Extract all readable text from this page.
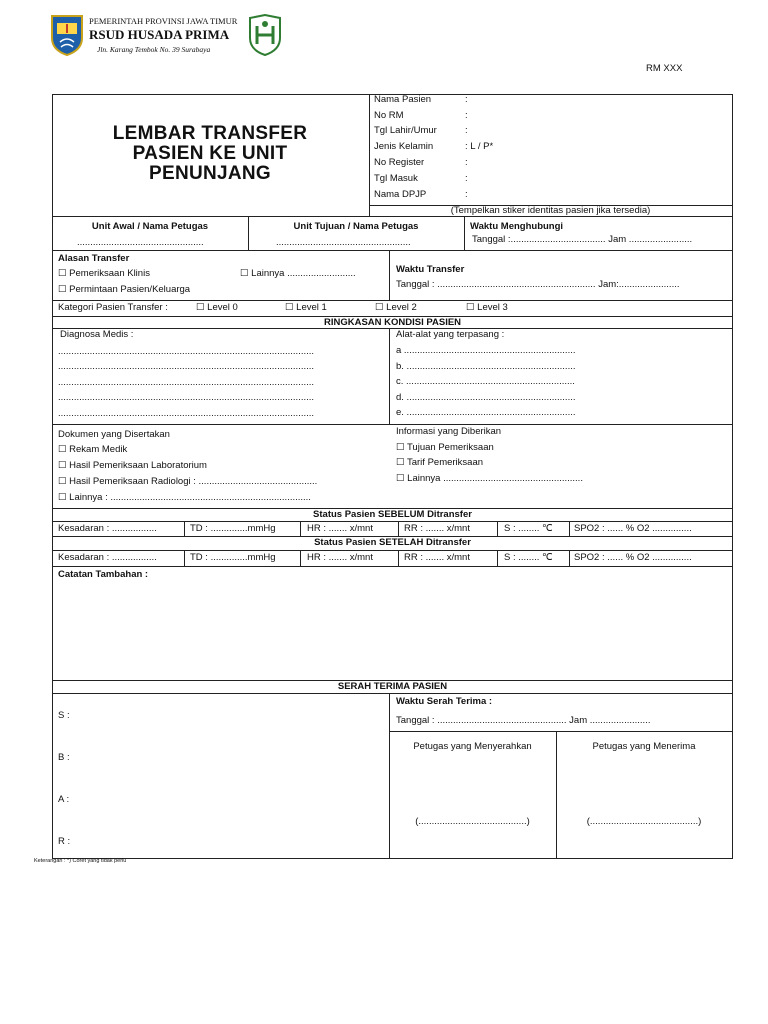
PEMERINTAH PROVINSI JAWA TIMUR
RSUD HUSADA PRIMA
Jln. Karang Tembok No. 39 Surabaya
RM XXX
LEMBAR TRANSFER
PASIEN KE UNIT
PENUNJANG
Nama Pasien	:
No RM	:
Tgl Lahir/Umur	:
Jenis Kelamin	: L / P*
No Register	:
Tgl Masuk	:
Nama DPJP	:
(Tempelkan stiker identitas pasien jika tersedia)
Unit Awal / Nama Petugas
................................................
Unit Tujuan / Nama Petugas
...................................................
Waktu Menghubungi
Tanggal :.................................... Jam ........................
Alasan Transfer
☐ Pemeriksaan Klinis	☐ Lainnya ..........................
☐ Permintaan Pasien/Keluarga
Waktu Transfer
Tanggal : ............................................................ Jam:.......................
Kategori Pasien Transfer :	☐ Level 0	☐ Level 1	☐ Level 2	☐ Level 3
RINGKASAN KONDISI PASIEN
Diagnosa Medis :
.................................................................................................
.................................................................................................
.................................................................................................
.................................................................................................
.................................................................................................
Alat-alat yang terpasang :
a .................................................................
b. ................................................................
c. ................................................................
d. ................................................................
e. ................................................................
Dokumen yang Disertakan
☐ Rekam Medik
☐ Hasil Pemeriksaan Laboratorium
☐ Hasil Pemeriksaan Radiologi : .............................................
☐ Lainnya : ............................................................................
Informasi yang Diberikan
☐ Tujuan Pemeriksaan
☐ Tarif Pemeriksaan
☐ Lainnya .....................................................
Status Pasien SEBELUM Ditransfer
Kesadaran : .................	TD : ..............mmHg	HR : ....... x/mnt	RR : ....... x/mnt	S : ........ ℃ SPO2 : ...... % O2 ...............
Status Pasien SETELAH Ditransfer
Kesadaran : .................	TD : ..............mmHg	HR : ....... x/mnt	RR : ....... x/mnt	S : ........ ℃ SPO2 : ...... % O2 ...............
Catatan Tambahan :
SERAH TERIMA PASIEN
S :
B :
A :
R :
Waktu Serah Terima :
Tanggal : ................................................. Jam .......................
Petugas yang Menyerahkan	Petugas yang Menerima
(.........................................)	(.........................................)
Keterangan : *) Coret yang tidak perlu
